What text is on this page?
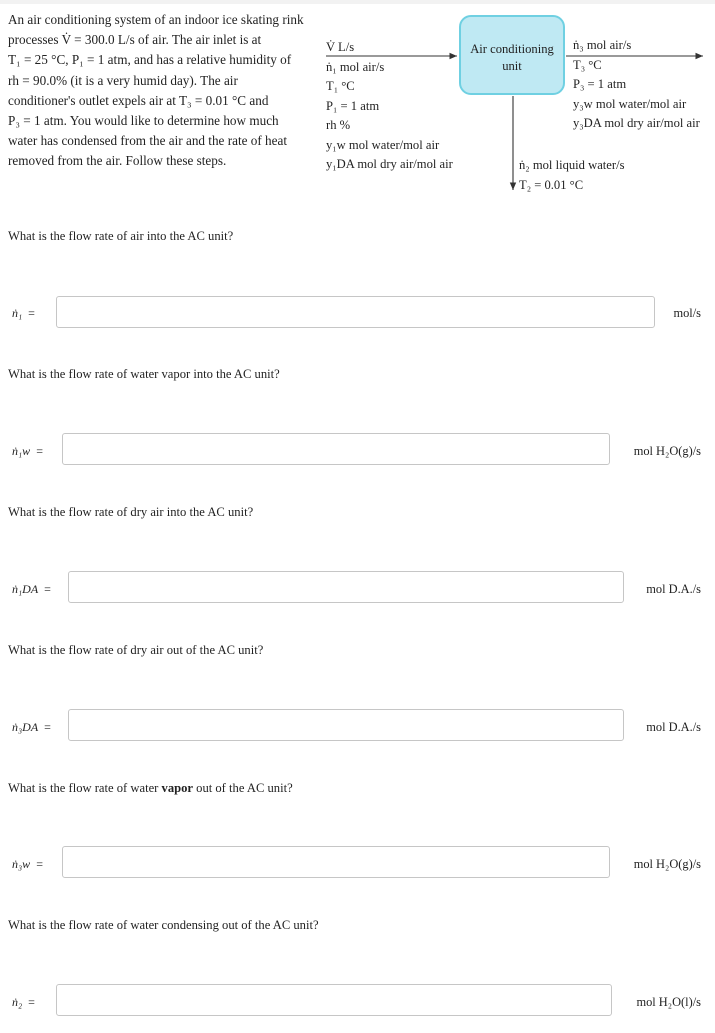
An air conditioning system of an indoor ice skating rink
processes V̇ = 300.0 L/s of air. The air inlet is at
T₁ = 25 °C, P₁ = 1 atm, and has a relative humidity of
rh = 90.0% (it is a very humid day). The air
conditioner's outlet expels air at T₃ = 0.01 °C and
P₃ = 1 atm. You would like to determine how much
water has condensed from the air and the rate of heat
removed from the air. Follow these steps.
Air conditioning
unit
V̇ L/s
ṅ₁ mol air/s
T₁ °C
P₁ = 1 atm
rh %
y₁w mol water/mol air
y₁DA mol dry air/mol air
ṅ₃ mol air/s
T₃ °C
P₃ = 1 atm
y₃w mol water/mol air
y₃DA mol dry air/mol air
ṅ₂ mol liquid water/s
T₂ = 0.01 °C
What is the flow rate of air into the AC unit?
ṅ₁ =	mol/s
What is the flow rate of water vapor into the AC unit?
ṅ₁w =	mol H₂O(g)/s
What is the flow rate of dry air into the AC unit?
ṅ₁DA =	mol D.A./s
What is the flow rate of dry air out of the AC unit?
ṅ₃DA =	mol D.A./s
What is the flow rate of water vapor out of the AC unit?
ṅ₃w =	mol H₂O(g)/s
What is the flow rate of water condensing out of the AC unit?
ṅ₂ =	mol H₂O(l)/s
